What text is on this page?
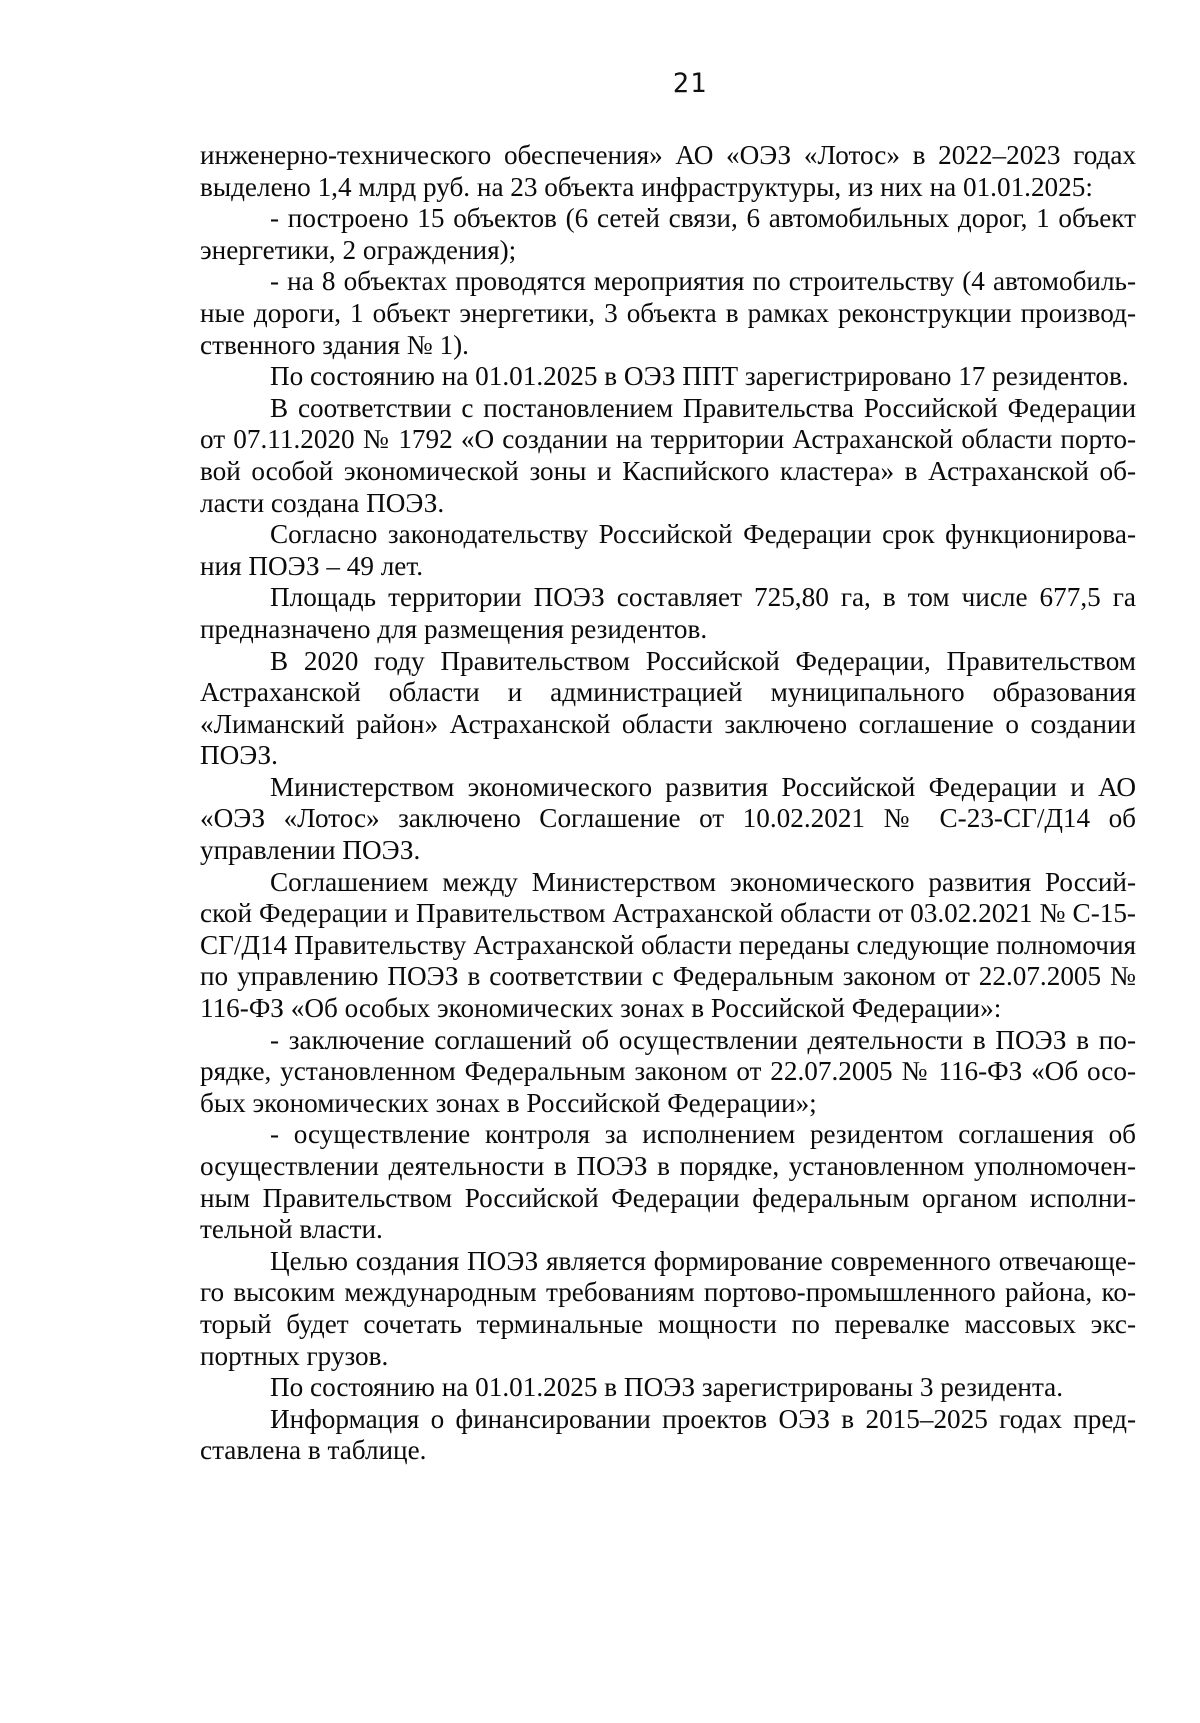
21

инженерно-технического обеспечения» АО «ОЭЗ «Лотос» в 2022–2023 годах выделено 1,4 млрд руб. на 23 объекта инфраструктуры, из них на 01.01.2025:

- построено 15 объектов (6 сетей связи, 6 автомобильных дорог, 1 объект энергетики, 2 ограждения);

- на 8 объектах проводятся мероприятия по строительству (4 автомобильные дороги, 1 объект энергетики, 3 объекта в рамках реконструкции производственного здания № 1).

По состоянию на 01.01.2025 в ОЭЗ ППТ зарегистрировано 17 резидентов.

В соответствии с постановлением Правительства Российской Федерации от 07.11.2020 № 1792 «О создании на территории Астраханской области портовой особой экономической зоны и Каспийского кластера» в Астраханской области создана ПОЭЗ.

Согласно законодательству Российской Федерации срок функционирования ПОЭЗ – 49 лет.

Площадь территории ПОЭЗ составляет 725,80 га, в том числе 677,5 га предназначено для размещения резидентов.

В 2020 году Правительством Российской Федерации, Правительством Астраханской области и администрацией муниципального образования «Лиманский район» Астраханской области заключено соглашение о создании ПОЭЗ.

Министерством экономического развития Российской Федерации и АО «ОЭЗ «Лотос» заключено Соглашение от 10.02.2021 № С-23-СГ/Д14 об управлении ПОЭЗ.

Соглашением между Министерством экономического развития Российской Федерации и Правительством Астраханской области от 03.02.2021 № С-15-СГ/Д14 Правительству Астраханской области переданы следующие полномочия по управлению ПОЭЗ в соответствии с Федеральным законом от 22.07.2005 № 116-ФЗ «Об особых экономических зонах в Российской Федерации»:

- заключение соглашений об осуществлении деятельности в ПОЭЗ в порядке, установленном Федеральным законом от 22.07.2005 № 116-ФЗ «Об особых экономических зонах в Российской Федерации»;

- осуществление контроля за исполнением резидентом соглашения об осуществлении деятельности в ПОЭЗ в порядке, установленном уполномоченным Правительством Российской Федерации федеральным органом исполнительной власти.

Целью создания ПОЭЗ является формирование современного отвечающего высоким международным требованиям портово-промышленного района, который будет сочетать терминальные мощности по перевалке массовых экспортных грузов.

По состоянию на 01.01.2025 в ПОЭЗ зарегистрированы 3 резидента.

Информация о финансировании проектов ОЭЗ в 2015–2025 годах представлена в таблице.
